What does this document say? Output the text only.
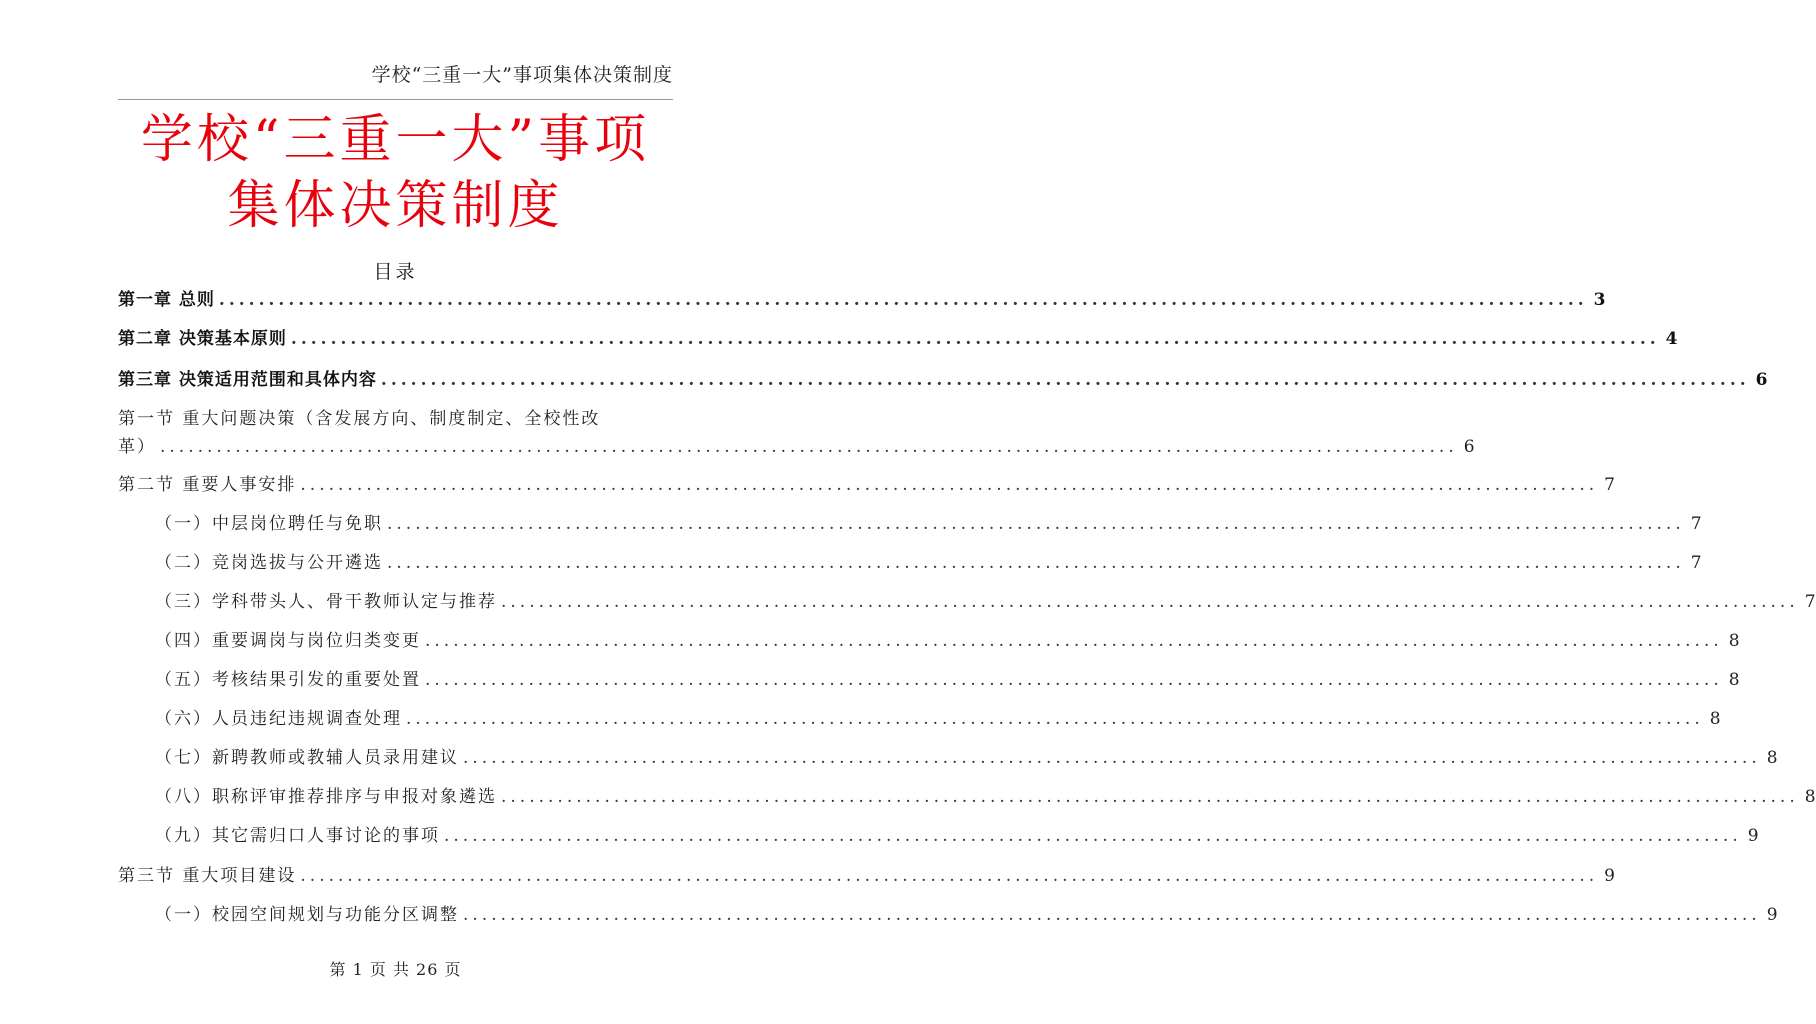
学校“三重一大”事项集体决策制度
学校“三重一大”事项
集体决策制度
目录
第一节 重大问题决策（含发展方向、制度制定、全校性改
第一章 总则 .......................................................................................................................................... 3
第二章 决策基本原则 .......................................................................................................................................... 4
第三章 决策适用范围和具体内容 .......................................................................................................................................... 6
革） .......................................................................................................................................... 6
第二节 重要人事安排 .......................................................................................................................................... 7
（一）中层岗位聘任与免职 .......................................................................................................................................... 7
（二）竞岗选拔与公开遴选 .......................................................................................................................................... 7
（三）学科带头人、骨干教师认定与推荐 .......................................................................................................................................... 7
（四）重要调岗与岗位归类变更 .......................................................................................................................................... 8
（五）考核结果引发的重要处置 .......................................................................................................................................... 8
（六）人员违纪违规调查处理 .......................................................................................................................................... 8
（七）新聘教师或教辅人员录用建议 .......................................................................................................................................... 8
（八）职称评审推荐排序与申报对象遴选 .......................................................................................................................................... 8
（九）其它需归口人事讨论的事项 .......................................................................................................................................... 9
第三节 重大项目建设 .......................................................................................................................................... 9
（一）校园空间规划与功能分区调整 .......................................................................................................................................... 9
第 1 页 共 26 页
